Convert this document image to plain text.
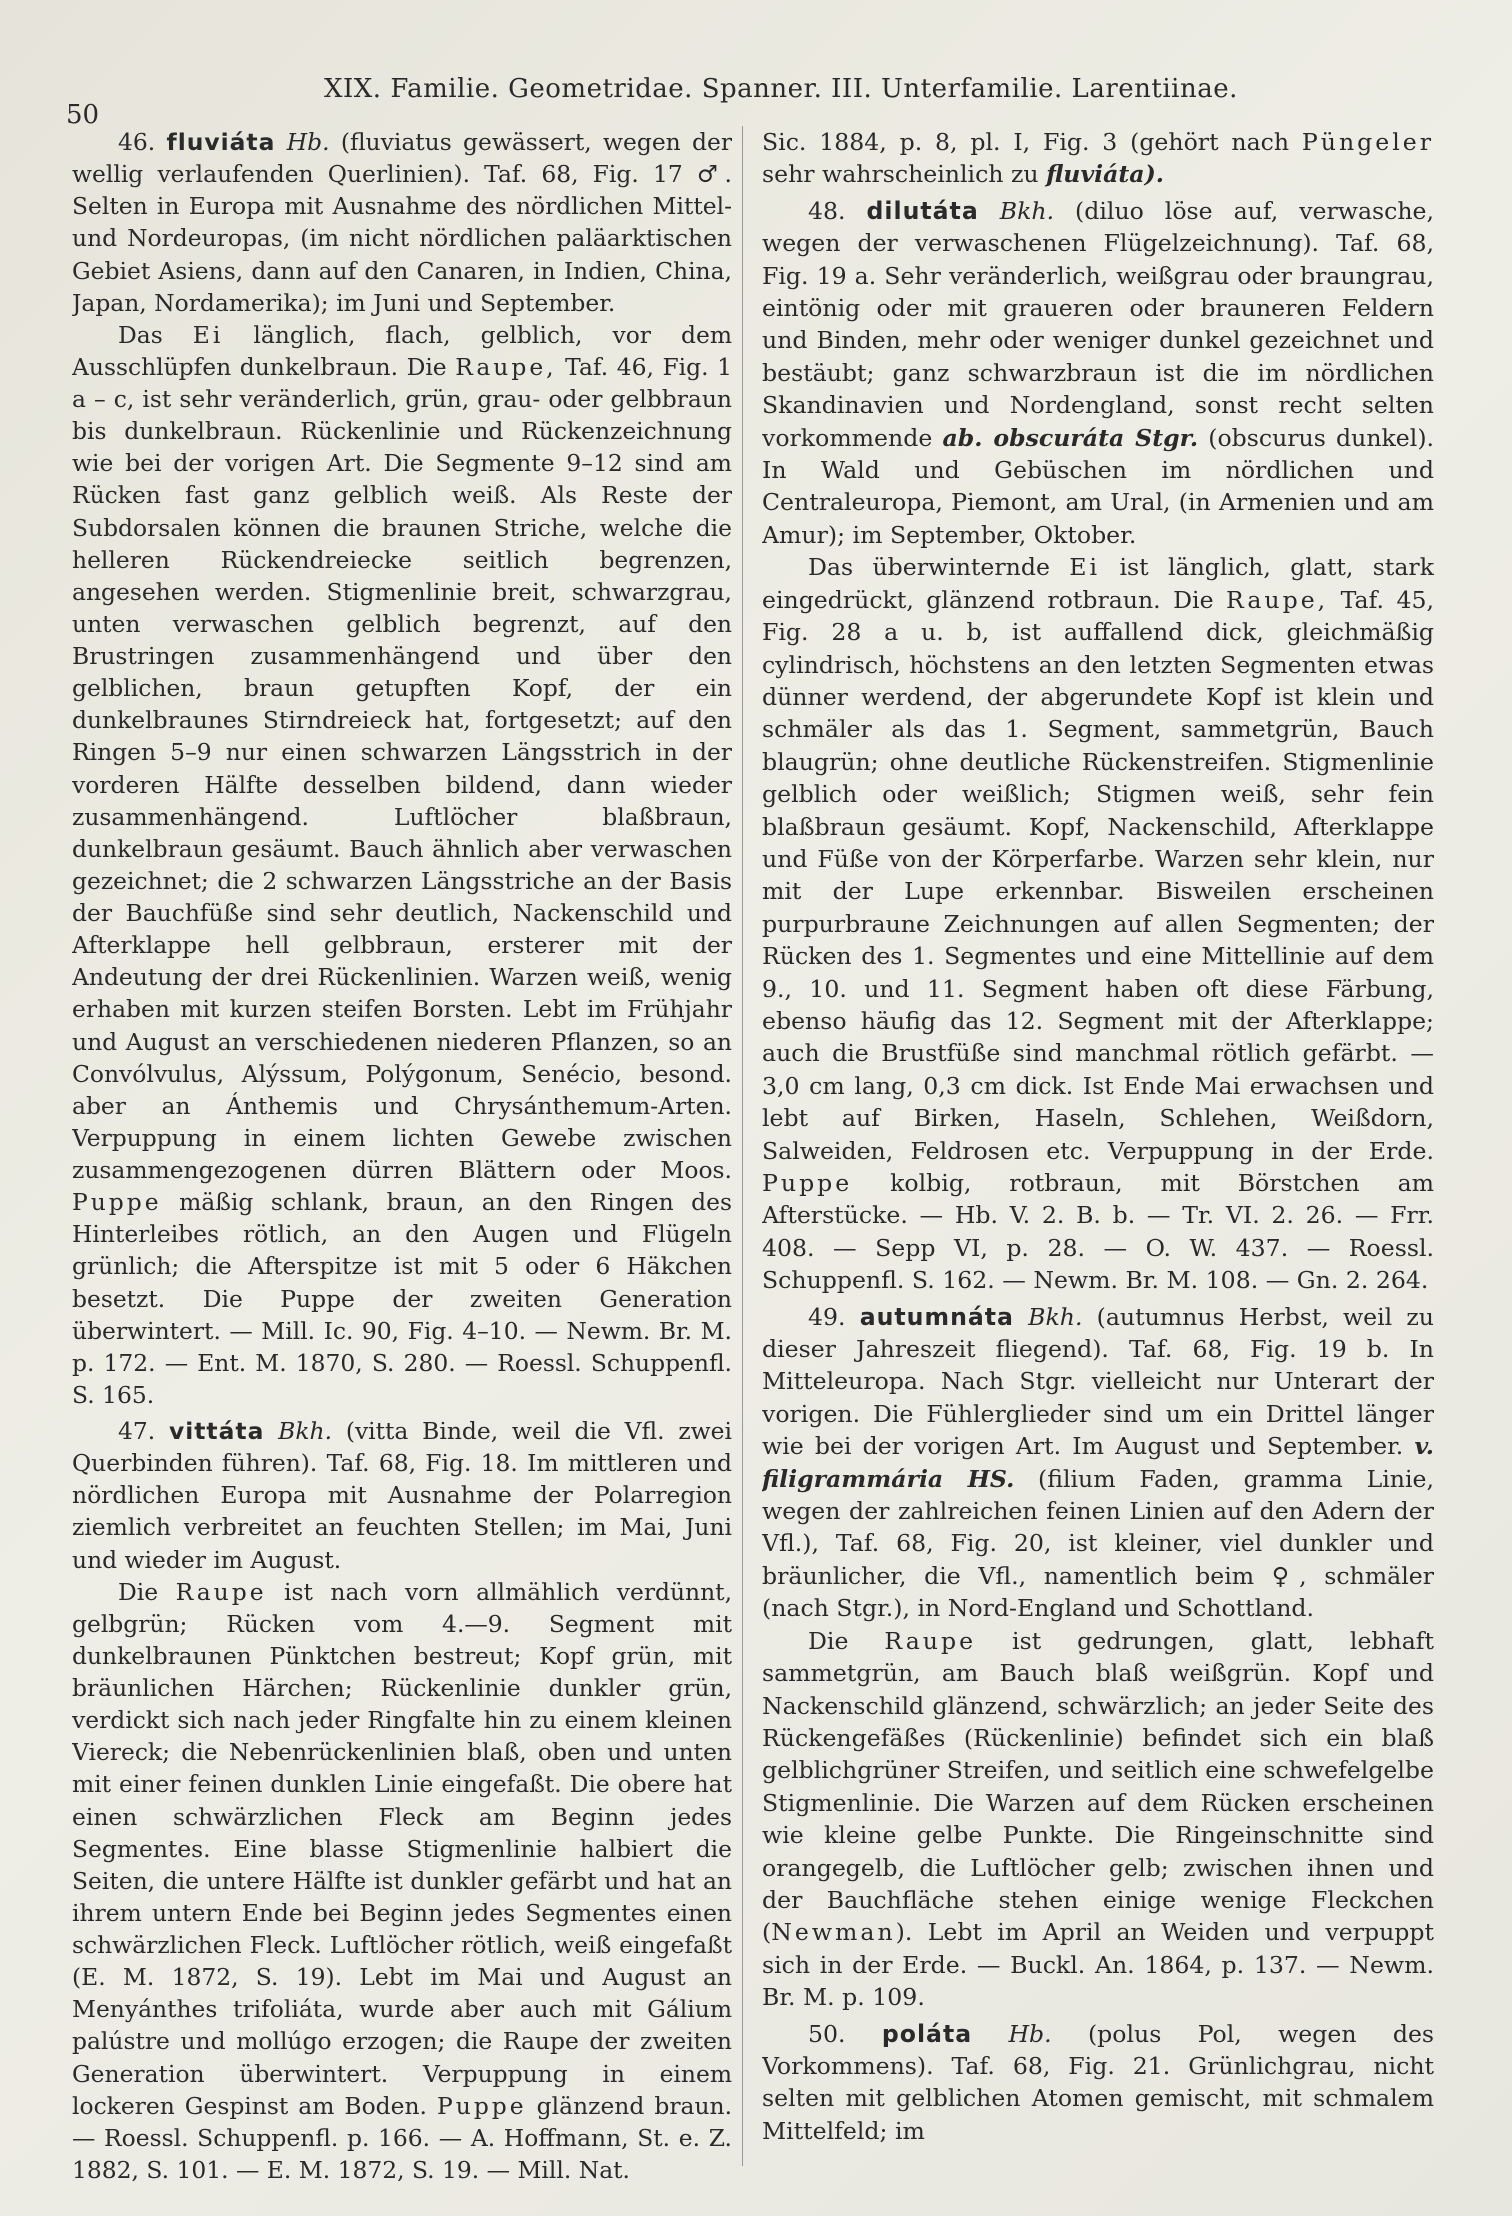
50
XIX. Familie. Geometridae. Spanner. III. Unterfamilie. Larentiinae.

46. fluviáta Hb. (fluviatus gewässert, wegen der wellig verlaufenden Querlinien). Taf. 68, Fig. 17 ♂. Selten in Europa mit Ausnahme des nördlichen Mittel- und Nordeuropas, (im nicht nördlichen paläarktischen Gebiet Asiens, dann auf den Canaren, in Indien, China, Japan, Nordamerika); im Juni und September.

Das Ei länglich, flach, gelblich, vor dem Ausschlüpfen dunkelbraun. Die Raupe, Taf. 46, Fig. 1 a – c, ist sehr veränderlich, grün, grau- oder gelbbraun bis dunkelbraun. Rückenlinie und Rückenzeichnung wie bei der vorigen Art. Die Segmente 9–12 sind am Rücken fast ganz gelblich weiß. Als Reste der Subdorsalen können die braunen Striche, welche die helleren Rückendreiecke seitlich begrenzen, angesehen werden. Stigmenlinie breit, schwarzgrau, unten verwaschen gelblich begrenzt, auf den Brustringen zusammenhängend und über den gelblichen, braun getupften Kopf, der ein dunkelbraunes Stirndreieck hat, fortgesetzt; auf den Ringen 5–9 nur einen schwarzen Längsstrich in der vorderen Hälfte desselben bildend, dann wieder zusammenhängend. Luftlöcher blaßbraun, dunkelbraun gesäumt. Bauch ähnlich aber verwaschen gezeichnet; die 2 schwarzen Längsstriche an der Basis der Bauchfüße sind sehr deutlich, Nackenschild und Afterklappe hell gelbbraun, ersterer mit der Andeutung der drei Rückenlinien. Warzen weiß, wenig erhaben mit kurzen steifen Borsten. Lebt im Frühjahr und August an verschiedenen niederen Pflanzen, so an Convólvulus, Alýssum, Polýgonum, Senécio, besond. aber an Ánthemis und Chrysánthemum-Arten. Verpuppung in einem lichten Gewebe zwischen zusammengezogenen dürren Blättern oder Moos. Puppe mäßig schlank, braun, an den Ringen des Hinterleibes rötlich, an den Augen und Flügeln grünlich; die Afterspitze ist mit 5 oder 6 Häkchen besetzt. Die Puppe der zweiten Generation überwintert. — Mill. Ic. 90, Fig. 4–10. — Newm. Br. M. p. 172. — Ent. M. 1870, S. 280. — Roessl. Schuppenfl. S. 165.

47. vittáta Bkh. (vitta Binde, weil die Vfl. zwei Querbinden führen). Taf. 68, Fig. 18. Im mittleren und nördlichen Europa mit Ausnahme der Polarregion ziemlich verbreitet an feuchten Stellen; im Mai, Juni und wieder im August.

Die Raupe ist nach vorn allmählich verdünnt, gelbgrün; Rücken vom 4.—9. Segment mit dunkelbraunen Pünktchen bestreut; Kopf grün, mit bräunlichen Härchen; Rückenlinie dunkler grün, verdickt sich nach jeder Ringfalte hin zu einem kleinen Viereck; die Nebenrückenlinien blaß, oben und unten mit einer feinen dunklen Linie eingefaßt. Die obere hat einen schwärzlichen Fleck am Beginn jedes Segmentes. Eine blasse Stigmenlinie halbiert die Seiten, die untere Hälfte ist dunkler gefärbt und hat an ihrem untern Ende bei Beginn jedes Segmentes einen schwärzlichen Fleck. Luftlöcher rötlich, weiß eingefaßt (E. M. 1872, S. 19). Lebt im Mai und August an Menyánthes trifoliáta, wurde aber auch mit Gálium palústre und mollúgo erzogen; die Raupe der zweiten Generation überwintert. Verpuppung in einem lockeren Gespinst am Boden. Puppe glänzend braun. — Roessl. Schuppenfl. p. 166. — A. Hoffmann, St. e. Z. 1882, S. 101. — E. M. 1872, S. 19. — Mill. Nat.

Sic. 1884, p. 8, pl. I, Fig. 3 (gehört nach Püngeler sehr wahrscheinlich zu fluviáta).

48. dilutáta Bkh. (diluo löse auf, verwasche, wegen der verwaschenen Flügelzeichnung). Taf. 68, Fig. 19 a. Sehr veränderlich, weißgrau oder braungrau, eintönig oder mit graueren oder brauneren Feldern und Binden, mehr oder weniger dunkel gezeichnet und bestäubt; ganz schwarzbraun ist die im nördlichen Skandinavien und Nordengland, sonst recht selten vorkommende ab. obscuráta Stgr. (obscurus dunkel). In Wald und Gebüschen im nördlichen und Centraleuropa, Piemont, am Ural, (in Armenien und am Amur); im September, Oktober.

Das überwinternde Ei ist länglich, glatt, stark eingedrückt, glänzend rotbraun. Die Raupe, Taf. 45, Fig. 28 a u. b, ist auffallend dick, gleichmäßig cylindrisch, höchstens an den letzten Segmenten etwas dünner werdend, der abgerundete Kopf ist klein und schmäler als das 1. Segment, sammetgrün, Bauch blaugrün; ohne deutliche Rückenstreifen. Stigmenlinie gelblich oder weißlich; Stigmen weiß, sehr fein blaßbraun gesäumt. Kopf, Nackenschild, Afterklappe und Füße von der Körperfarbe. Warzen sehr klein, nur mit der Lupe erkennbar. Bisweilen erscheinen purpurbraune Zeichnungen auf allen Segmenten; der Rücken des 1. Segmentes und eine Mittellinie auf dem 9., 10. und 11. Segment haben oft diese Färbung, ebenso häufig das 12. Segment mit der Afterklappe; auch die Brustfüße sind manchmal rötlich gefärbt. — 3,0 cm lang, 0,3 cm dick. Ist Ende Mai erwachsen und lebt auf Birken, Haseln, Schlehen, Weißdorn, Salweiden, Feldrosen etc. Verpuppung in der Erde. Puppe kolbig, rotbraun, mit Börstchen am Afterstücke. — Hb. V. 2. B. b. — Tr. VI. 2. 26. — Frr. 408. — Sepp VI, p. 28. — O. W. 437. — Roessl. Schuppenfl. S. 162. — Newm. Br. M. 108. — Gn. 2. 264.

49. autumnáta Bkh. (autumnus Herbst, weil zu dieser Jahreszeit fliegend). Taf. 68, Fig. 19 b. In Mitteleuropa. Nach Stgr. vielleicht nur Unterart der vorigen. Die Fühlerglieder sind um ein Drittel länger wie bei der vorigen Art. Im August und September. v. filigrammária HS. (filium Faden, gramma Linie, wegen der zahlreichen feinen Linien auf den Adern der Vfl.), Taf. 68, Fig. 20, ist kleiner, viel dunkler und bräunlicher, die Vfl., namentlich beim ♀, schmäler (nach Stgr.), in Nord-England und Schottland.

Die Raupe ist gedrungen, glatt, lebhaft sammetgrün, am Bauch blaß weißgrün. Kopf und Nackenschild glänzend, schwärzlich; an jeder Seite des Rückengefäßes (Rückenlinie) befindet sich ein blaß gelblichgrüner Streifen, und seitlich eine schwefelgelbe Stigmenlinie. Die Warzen auf dem Rücken erscheinen wie kleine gelbe Punkte. Die Ringeinschnitte sind orangegelb, die Luftlöcher gelb; zwischen ihnen und der Bauchfläche stehen einige wenige Fleckchen (Newman). Lebt im April an Weiden und verpuppt sich in der Erde. — Buckl. An. 1864, p. 137. — Newm. Br. M. p. 109.

50. poláta Hb. (polus Pol, wegen des Vorkommens). Taf. 68, Fig. 21. Grünlichgrau, nicht selten mit gelblichen Atomen gemischt, mit schmalem Mittelfeld; im
